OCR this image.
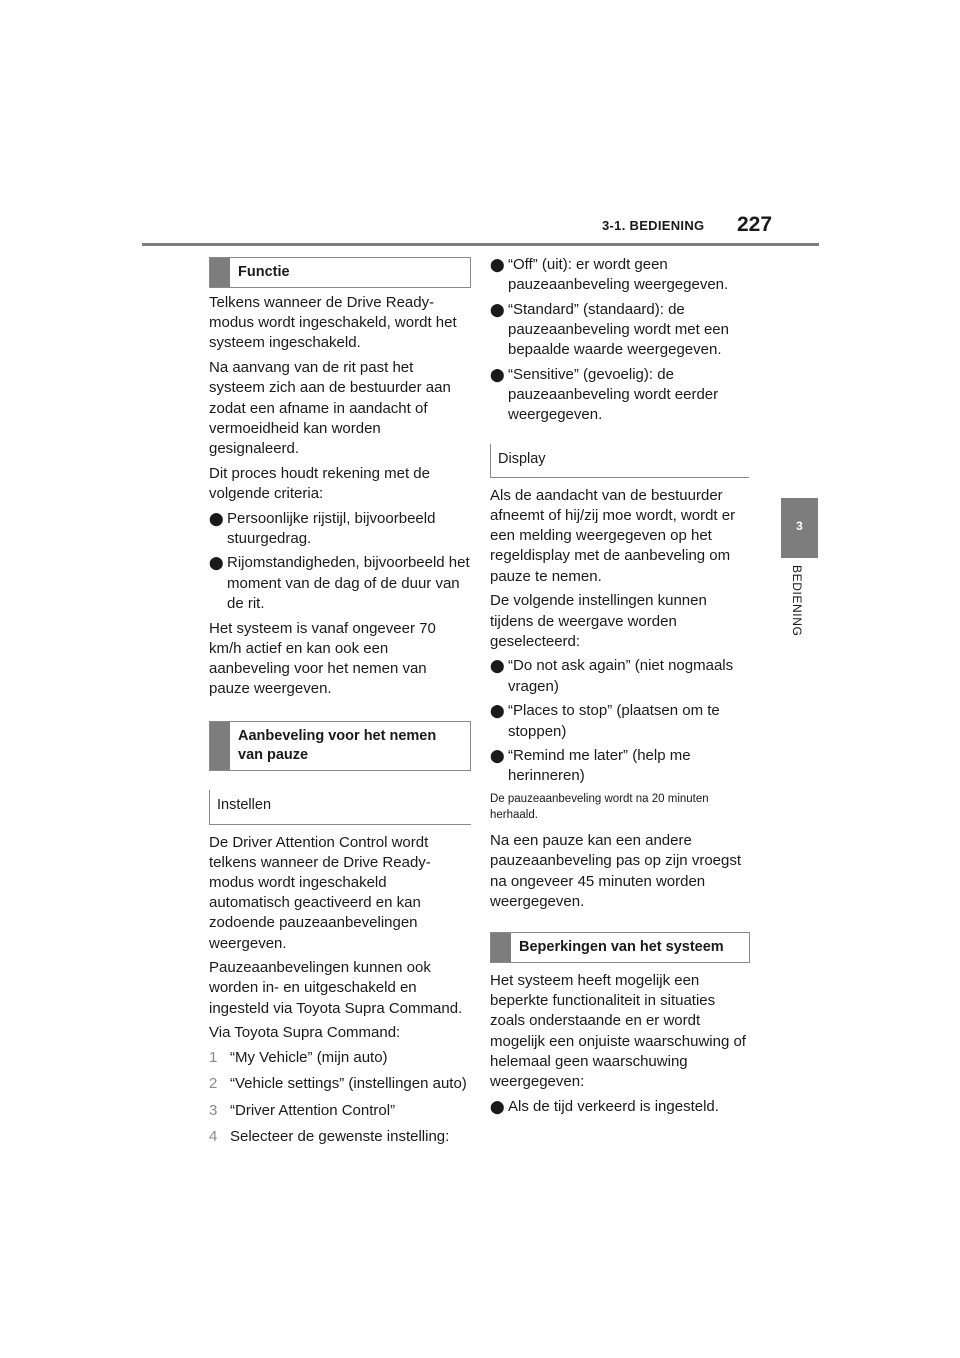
3-1. BEDIENING 227
3
BEDIENING
Functie

Telkens wanneer de Drive Ready-modus wordt ingeschakeld, wordt het systeem ingeschakeld.

Na aanvang van de rit past het systeem zich aan de bestuurder aan zodat een afname in aandacht of vermoeidheid kan worden gesignaleerd.

Dit proces houdt rekening met de volgende criteria:

⬤ Persoonlijke rijstijl, bijvoorbeeld stuurgedrag.
⬤ Rijomstandigheden, bijvoorbeeld het moment van de dag of de duur van de rit.

Het systeem is vanaf ongeveer 70 km/h actief en kan ook een aanbeveling voor het nemen van pauze weergeven.

Aanbeveling voor het nemen van pauze
Instellen

De Driver Attention Control wordt telkens wanneer de Drive Ready-modus wordt ingeschakeld automatisch geactiveerd en kan zodoende pauzeaanbevelingen weergeven.

Pauzeaanbevelingen kunnen ook worden in- en uitgeschakeld en ingesteld via Toyota Supra Command.

Via Toyota Supra Command:

1 “My Vehicle” (mijn auto)
2 “Vehicle settings” (instellingen auto)
3 “Driver Attention Control”
4 Selecteer de gewenste instelling:
⬤ “Off” (uit): er wordt geen pauzeaanbeveling weergegeven.
⬤ “Standard” (standaard): de pauzeaanbeveling wordt met een bepaalde waarde weergegeven.
⬤ “Sensitive” (gevoelig): de pauzeaanbeveling wordt eerder weergegeven.
Display

Als de aandacht van de bestuurder afneemt of hij/zij moe wordt, wordt er een melding weergegeven op het regeldisplay met de aanbeveling om pauze te nemen.

De volgende instellingen kunnen tijdens de weergave worden geselecteerd:

⬤ “Do not ask again” (niet nogmaals vragen)
⬤ “Places to stop” (plaatsen om te stoppen)
⬤ “Remind me later” (help me herinneren)

De pauzeaanbeveling wordt na 20 minuten herhaald.

Na een pauze kan een andere pauzeaanbeveling pas op zijn vroegst na ongeveer 45 minuten worden weergegeven.

Beperkingen van het systeem

Het systeem heeft mogelijk een beperkte functionaliteit in situaties zoals onderstaande en er wordt mogelijk een onjuiste waarschuwing of helemaal geen waarschuwing weergegeven:

⬤ Als de tijd verkeerd is ingesteld.
